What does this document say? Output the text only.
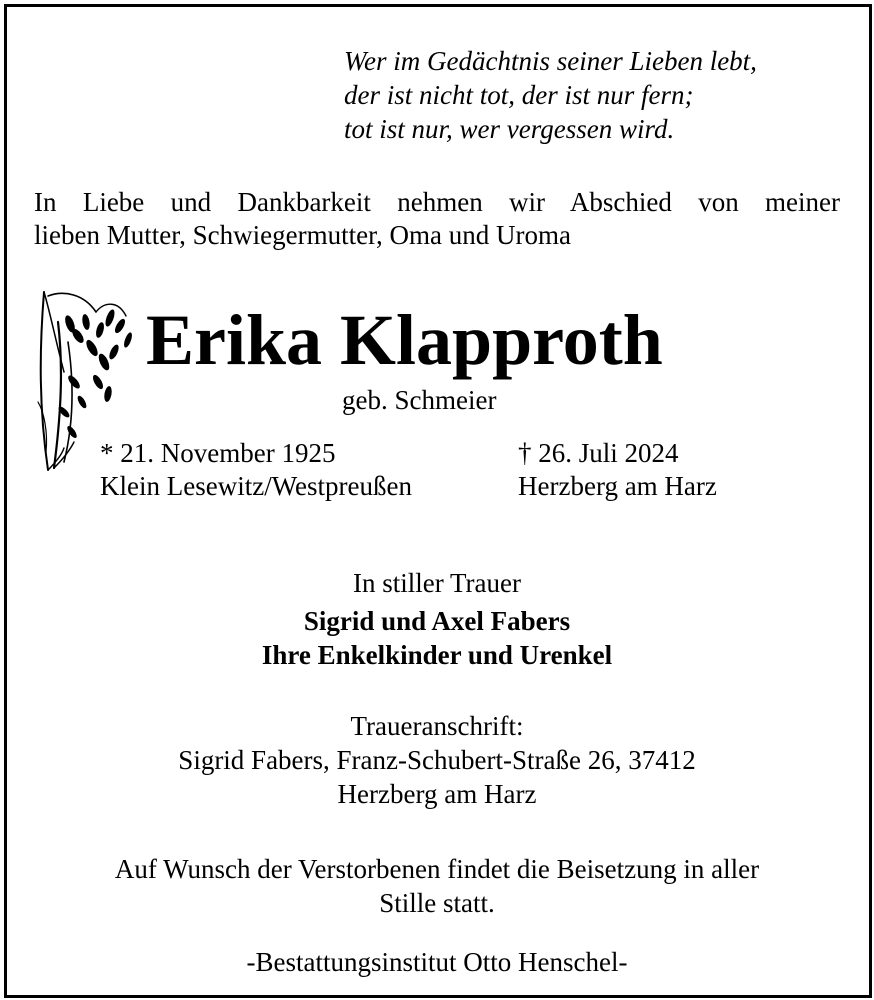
Wer im Gedächtnis seiner Lieben lebt,
der ist nicht tot, der ist nur fern;
tot ist nur, wer vergessen wird.
In Liebe und Dankbarkeit nehmen wir Abschied von meiner
lieben Mutter, Schwiegermutter, Oma und Uroma
Erika Klapproth
geb. Schmeier
* 21. November 1925
Klein Lesewitz/Westpreußen
† 26. Juli 2024
Herzberg am Harz
In stiller Trauer
Sigrid und Axel Fabers
Ihre Enkelkinder und Urenkel
Traueranschrift:
Sigrid Fabers, Franz-Schubert-Straße 26, 37412
Herzberg am Harz
Auf Wunsch der Verstorbenen findet die Beisetzung in aller
Stille statt.
-Bestattungsinstitut Otto Henschel-
